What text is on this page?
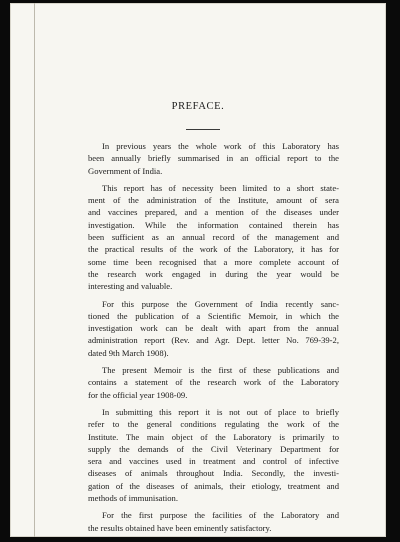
PREFACE.
In previous years the whole work of this Laboratory has
been annually briefly summarised in an official report to the
Government of India.
This report has of necessity been limited to a short state-
ment of the administration of the Institute, amount of sera
and vaccines prepared, and a mention of the diseases under
investigation. While the information contained therein has
been sufficient as an annual record of the management and
the practical results of the work of the Laboratory, it has for
some time been recognised that a more complete account of
the research work engaged in during the year would be
interesting and valuable.
For this purpose the Government of India recently sanc-
tioned the publication of a Scientific Memoir, in which the
investigation work can be dealt with apart from the annual
administration report (Rev. and Agr. Dept. letter No. 769-39-2,
dated 9th March 1908).
The present Memoir is the first of these publications and
contains a statement of the research work of the Laboratory
for the official year 1908-09.
In submitting this report it is not out of place to briefly
refer to the general conditions regulating the work of the
Institute. The main object of the Laboratory is primarily to
supply the demands of the Civil Veterinary Department for
sera and vaccines used in treatment and control of infective
diseases of animals throughout India. Secondly, the investi-
gation of the diseases of animals, their etiology, treatment and
methods of immunisation.
For the first purpose the facilities of the Laboratory and
the results obtained have been eminently satisfactory.
